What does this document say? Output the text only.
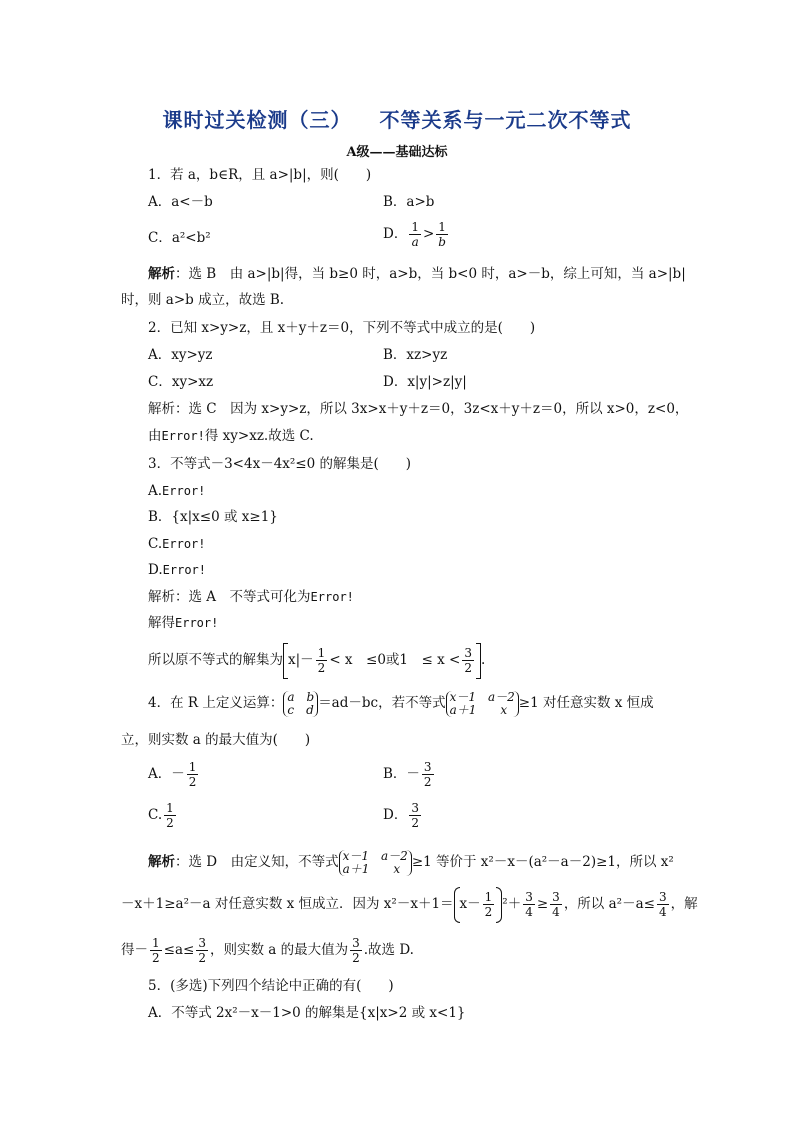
课时过关检测（三） 不等关系与一元二次不等式
A级——基础达标
1．若 a，b∈R，且 a>|b|，则(　　)
A．a<－b	B．a>b
C．a²<b²	D． $\frac{1}{a} > \frac{1}{b}$
解析：选 B　由 a>|b|得，当 b≥0 时，a>b，当 b<0 时，a>－b，综上可知，当 a>|b|
时，则 a>b 成立，故选 B.
2．已知 x>y>z，且 x＋y＋z＝0，下列不等式中成立的是(　　)
A．xy>yz	B．xz>yz
C．xy>xz	D．x|y|>z|y|
解析：选 C　因为 x>y>z，所以 3x>x＋y＋z＝0，3z<x＋y＋z＝0，所以 x>0，z<0，
由Error!得 xy>xz.故选 C.
3．不等式－3<4x－4x²≤0 的解集是(　　)
A.Error!
B．{x|x≤0 或 x≥1}
C.Error!
D.Error!
解析：选 A　不等式可化为Error!
解得Error!
所以原不等式的解集为 $x|- \frac{1}{2} < x$　≤0或1　≤ $x < \frac{3}{2}$ .
4．在 R 上定义运算： a　b
c　d ＝ad－bc，若不等式 x－1　a－2
a＋1　　x ≥1 对任意实数 x 恒成
立，则实数 a 的最大值为(　　)
A．－ $\frac{1}{2}$	B．－ $\frac{3}{2}$
C. $\frac{1}{2}$	D． $\frac{3}{2}$
解析：选 D　由定义知，不等式 x－1　a－2
a＋1　　x ≥1 等价于 x²－x－(a²－a－2)≥1，所以 x²
－x＋1≥a²－a 对任意实数 x 恒成立．因为 $x^2-x+1= x- \frac{1}{2} ^2+ \frac{3}{4} \ge \frac{3}{4}$ ，所以 $a^2-a\le \frac{3}{4}$ ，解
得－ $\frac{1}{2} \le a\le \frac{3}{2}$ ，则实数 a 的最大值为 $\frac{3}{2}$ .故选 D.
5．(多选)下列四个结论中正确的有(　　)
A．不等式 2x²－x－1>0 的解集是{x|x>2 或 x<1}
